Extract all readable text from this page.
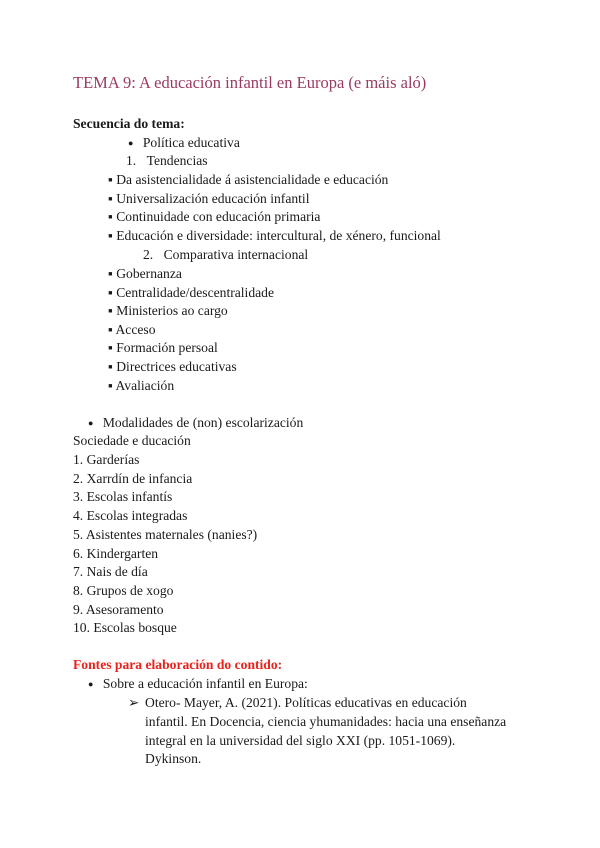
TEMA 9: A educación infantil en Europa (e máis aló)
Secuencia do tema:
● Política educativa
1. Tendencias
▪ Da asistencialidade á asistencialidade e educación
▪ Universalización educación infantil
▪ Continuidade con educación primaria
▪ Educación e diversidade: intercultural, de xénero, funcional
2. Comparativa internacional
▪ Gobernanza
▪ Centralidade/descentralidade
▪ Ministerios ao cargo
▪ Acceso
▪ Formación persoal
▪ Directrices educativas
▪ Avaliación
● Modalidades de (non) escolarización
Sociedade e ducación
1. Garderías
2. Xarrdín de infancia
3. Escolas infantís
4. Escolas integradas
5. Asistentes maternales (nanies?)
6. Kindergarten
7. Nais de día
8. Grupos de xogo
9. Asesoramento
10. Escolas bosque
Fontes para elaboración do contido:
● Sobre a educación infantil en Europa:
➢ Otero- Mayer, A. (2021). Políticas educativas en educación
infantil. En Docencia, ciencia yhumanidades: hacia una enseñanza
integral en la universidad del siglo XXI (pp. 1051-1069).
Dykinson.
